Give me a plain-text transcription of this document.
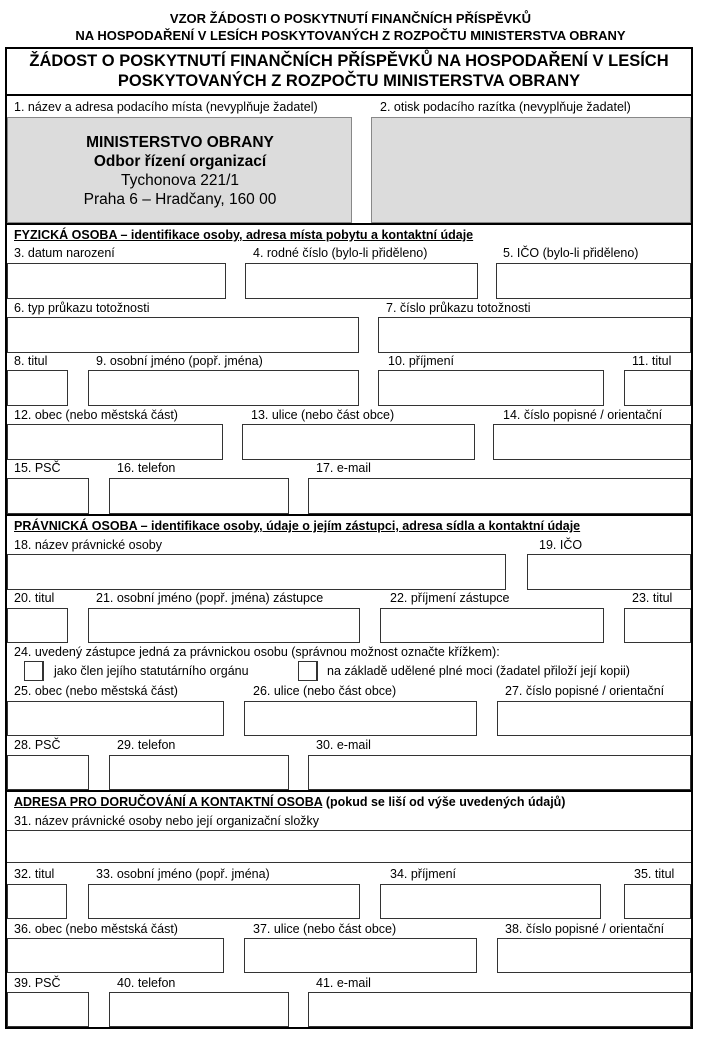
VZOR ŽÁDOSTI O POSKYTNUTÍ FINANČNÍCH PŘÍSPĚVKŮ
NA HOSPODAŘENÍ V LESÍCH POSKYTOVANÝCH Z ROZPOČTU MINISTERSTVA OBRANY
ŽÁDOST O POSKYTNUTÍ FINANČNÍCH PŘÍSPĚVKŮ NA HOSPODAŘENÍ V LESÍCH
POSKYTOVANÝCH Z ROZPOČTU MINISTERSTVA OBRANY
1. název a adresa podacího místa (nevyplňuje žadatel)	2. otisk podacího razítka (nevyplňuje žadatel)
MINISTERSTVO OBRANY
Odbor řízení organizací
Tychonova 221/1
Praha 6 – Hradčany, 160 00
FYZICKÁ OSOBA – identifikace osoby, adresa místa pobytu a kontaktní údaje
3. datum narození	4. rodné číslo (bylo-li přiděleno)	5. IČO (bylo-li přiděleno)
6. typ průkazu totožnosti	7. číslo průkazu totožnosti
8. titul	9. osobní jméno (popř. jména)	10. příjmení	11. titul
12. obec (nebo městská část)	13. ulice (nebo část obce)	14. číslo popisné / orientační
15. PSČ	16. telefon	17. e-mail
PRÁVNICKÁ OSOBA – identifikace osoby, údaje o jejím zástupci, adresa sídla a kontaktní údaje
18. název právnické osoby	19. IČO
20. titul	21. osobní jméno (popř. jména) zástupce	22. příjmení zástupce	23. titul
24. uvedený zástupce jedná za právnickou osobu (správnou možnost označte křížkem):
jako člen jejího statutárního orgánu	na základě udělené plné moci (žadatel přiloží její kopii)
25. obec (nebo městská část)	26. ulice (nebo část obce)	27. číslo popisné / orientační
28. PSČ	29. telefon	30. e-mail
ADRESA PRO DORUČOVÁNÍ A KONTAKTNÍ OSOBA (pokud se liší od výše uvedených údajů)
31. název právnické osoby nebo její organizační složky
32. titul	33. osobní jméno (popř. jména)	34. příjmení	35. titul
36. obec (nebo městská část)	37. ulice (nebo část obce)	38. číslo popisné / orientační
39. PSČ	40. telefon	41. e-mail
